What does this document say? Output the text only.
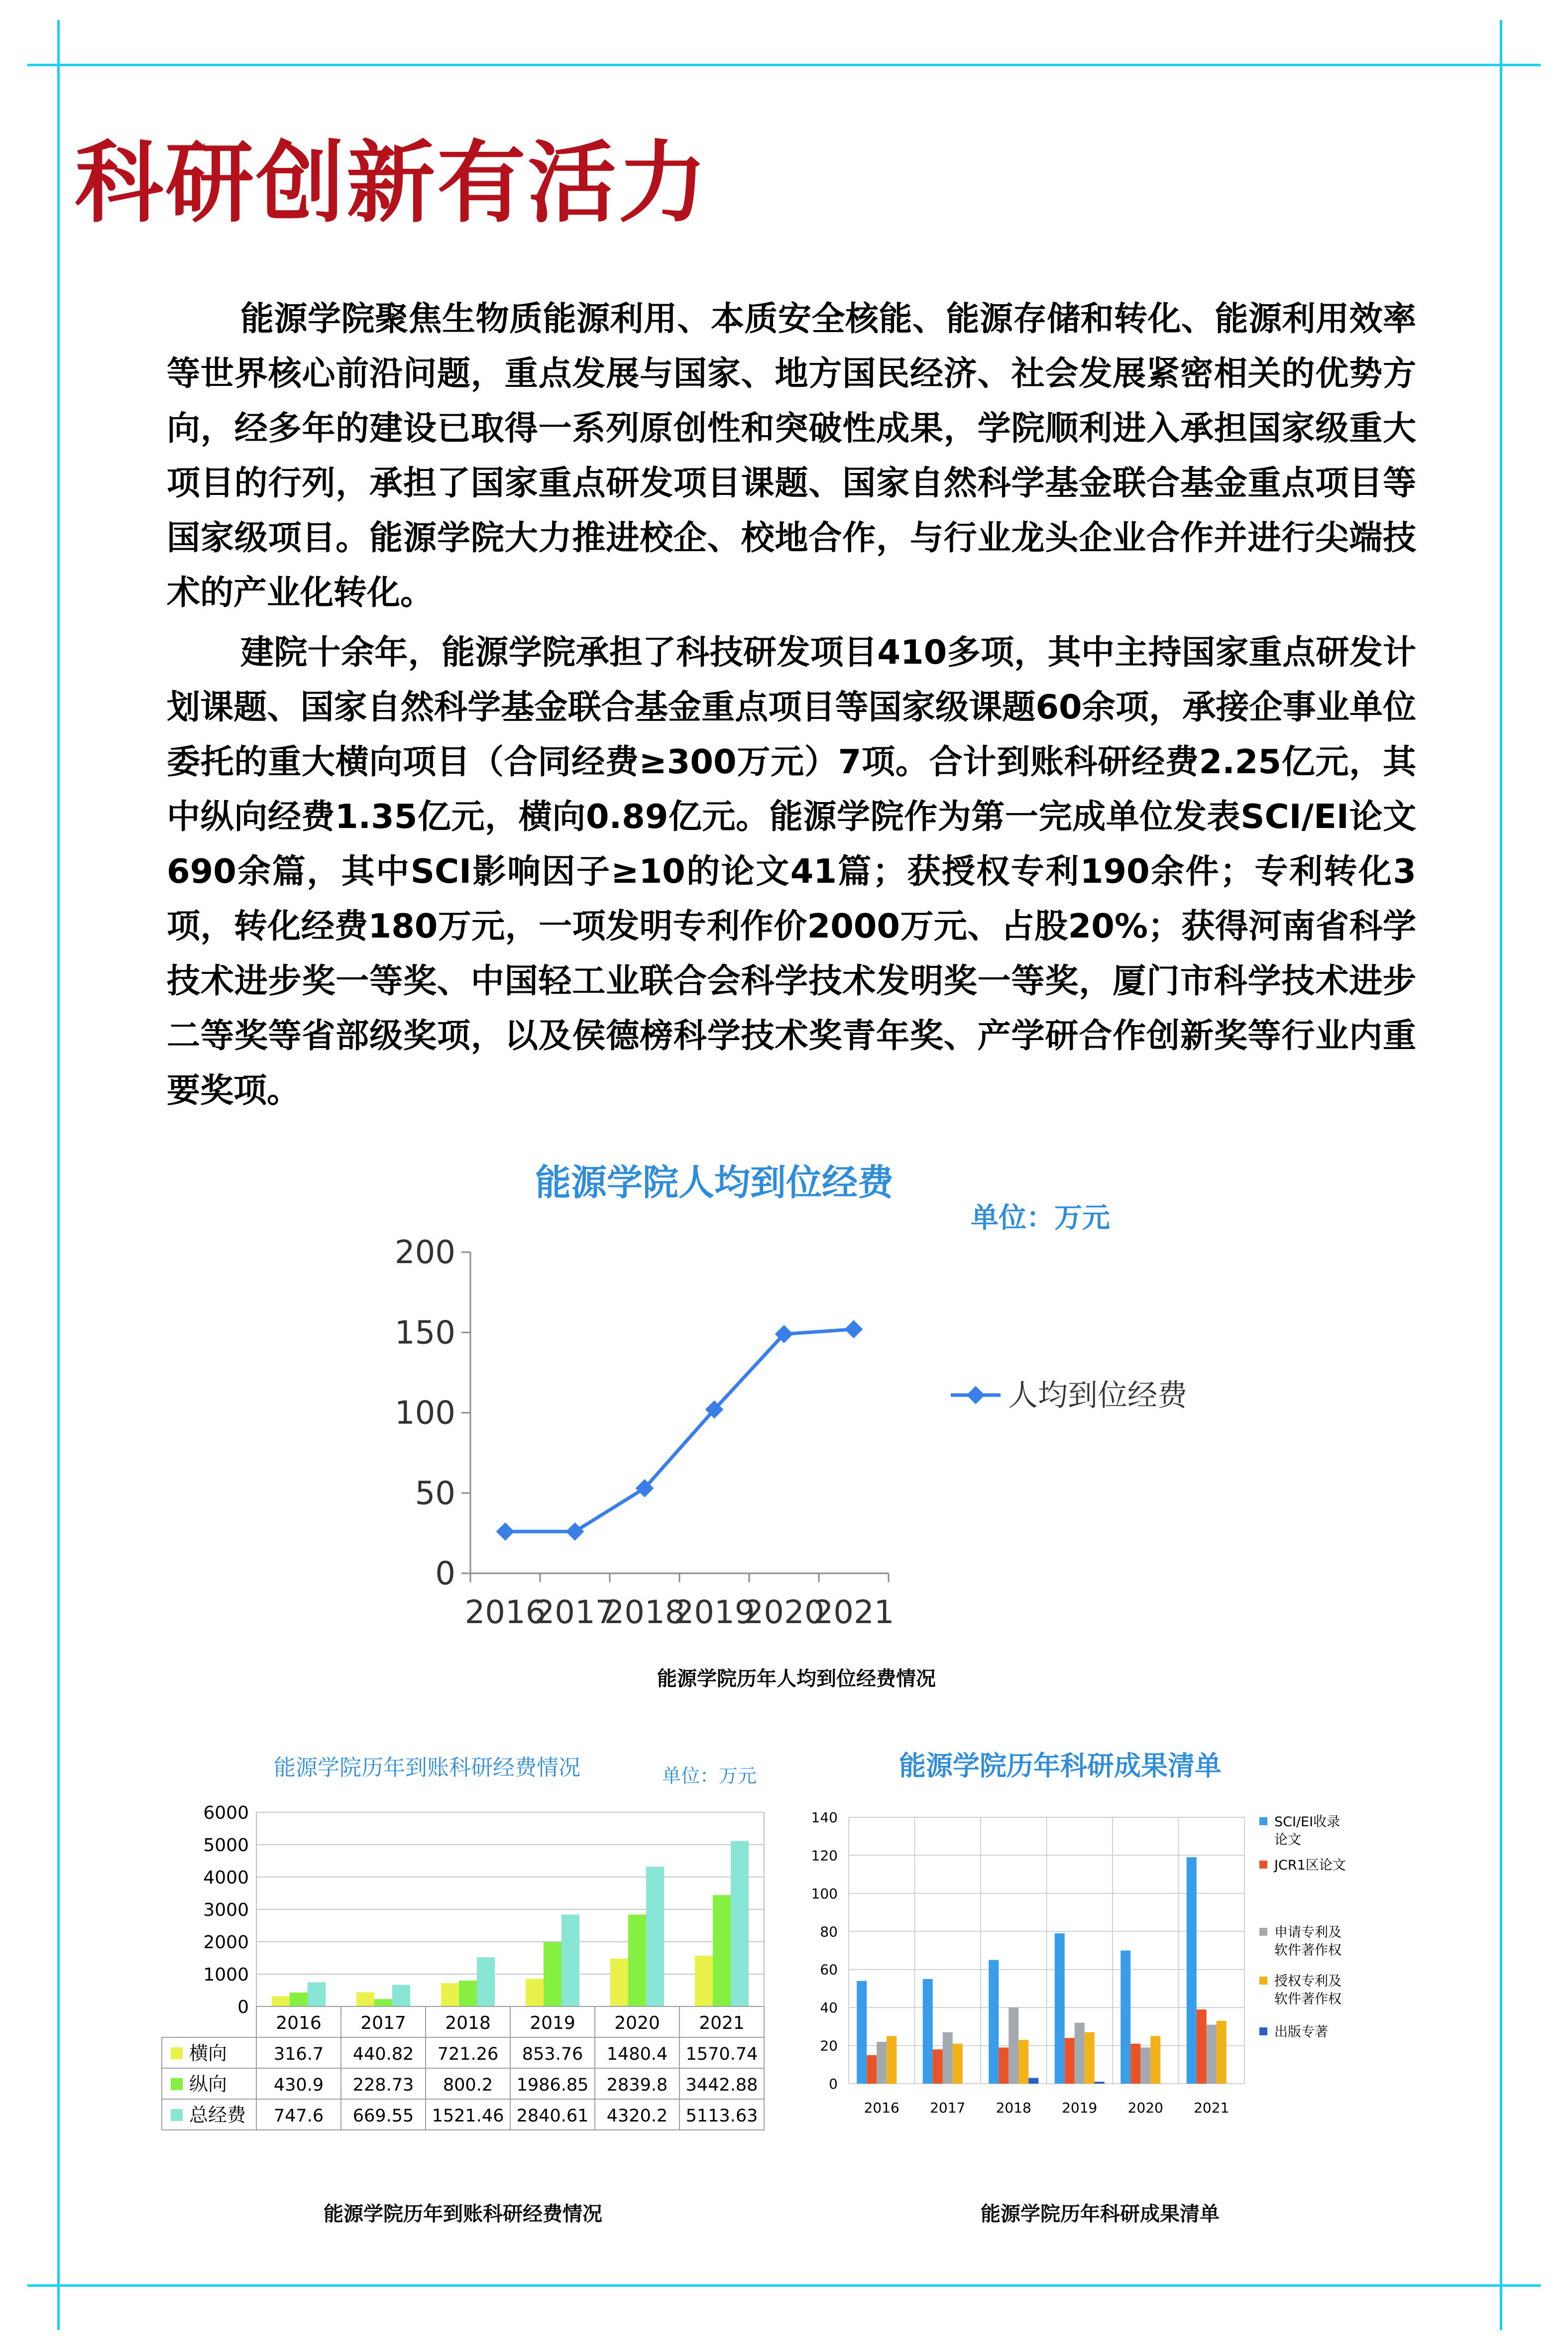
科研创新有活力

能源学院聚焦生物质能源利用、本质安全核能、能源存储和转化、能源利用效率等世界核心前沿问题，重点发展与国家、地方国民经济、社会发展紧密相关的优势方向，经多年的建设已取得一系列原创性和突破性成果，学院顺利进入承担国家级重大项目的行列，承担了国家重点研发项目课题、国家自然科学基金联合基金重点项目等国家级项目。能源学院大力推进校企、校地合作，与行业龙头企业合作并进行尖端技术的产业化转化。

建院十余年，能源学院承担了科技研发项目410多项，其中主持国家重点研发计划课题、国家自然科学基金联合基金重点项目等国家级课题60余项，承接企事业单位委托的重大横向项目（合同经费≥300万元）7项。合计到账科研经费2.25亿元，其中纵向经费1.35亿元，横向0.89亿元。能源学院作为第一完成单位发表SCI/EI论文690余篇，其中SCI影响因子≥10的论文41篇；获授权专利190余件；专利转化3项，转化经费180万元，一项发明专利作价2000万元、占股20%；获得河南省科学技术进步奖一等奖、中国轻工业联合会科学技术发明奖一等奖，厦门市科学技术进步二等奖等省部级奖项，以及侯德榜科学技术奖青年奖、产学研合作创新奖等行业内重要奖项。

能源学院人均到位经费
单位：万元
0
50
100
150
200
2016
2017
2018
2019
2020
2021
人均到位经费
能源学院历年人均到位经费情况
能源学院历年到账科研经费情况	单位：万元
0
1000
2000
3000
4000
5000
6000
2016 2017 2018 2019 2020 2021
横向	316.7 440.82 721.26 853.76 1480.4 1570.74
纵向	430.9 228.73 800.2 1986.85 2839.8 3442.88
总经费 747.6 669.55 1521.46 2840.61 4320.2 5113.63
能源学院历年到账科研经费情况
能源学院历年科研成果清单
0
20
40
60
80
100
120
140
2016 2017 2018 2019 2020 2021
SCI/EI收录
论文
JCR1区论文
申请专利及
软件著作权
授权专利及
软件著作权
出版专著
能源学院历年科研成果清单
